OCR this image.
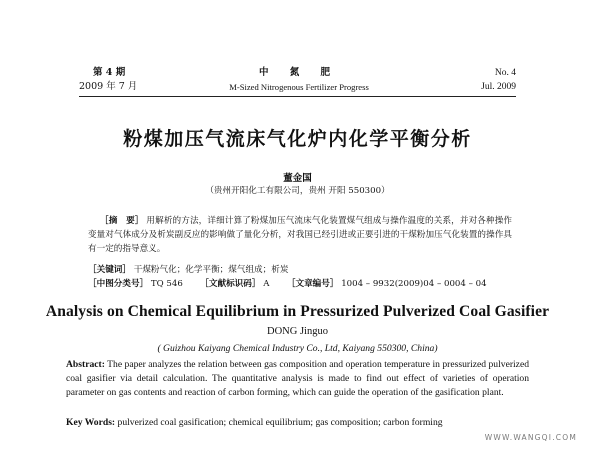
第 4 期
2009 年 7 月
中 氮 肥
M-Sized Nitrogenous Fertilizer Progress
No. 4
Jul. 2009
粉煤加压气流床气化炉内化学平衡分析
董金国
（贵州开阳化工有限公司，贵州 开阳 550300）

［摘　要］ 用解析的方法，详细计算了粉煤加压气流床气化装置煤气组成与操作温度的关系，并对各种操作变量对气体成分及析炭副反应的影响做了量化分析，对我国已经引进或正要引进的干煤粉加压气化装置的操作具有一定的指导意义。

［关键词］ 干煤粉气化；化学平衡；煤气组成；析炭
［中图分类号］ TQ 546 ［文献标识码］ A ［文章编号］ 1004 – 9932(2009)04 – 0004 – 04
Analysis on Chemical Equilibrium in Pressurized Pulverized Coal Gasifier
DONG Jinguo
( Guizhou Kaiyang Chemical Industry Co., Ltd, Kaiyang 550300, China)

Abstract: The paper analyzes the relation between gas composition and operation temperature in pressurized pulverized coal gasifier via detail calculation. The quantitative analysis is made to find out effect of varieties of operation parameter on gas contents and reaction of carbon forming, which can guide the operation of the gasification plant.

Key Words: pulverized coal gasification; chemical equilibrium; gas composition; carbon forming
WWW.WANGQI.COM
